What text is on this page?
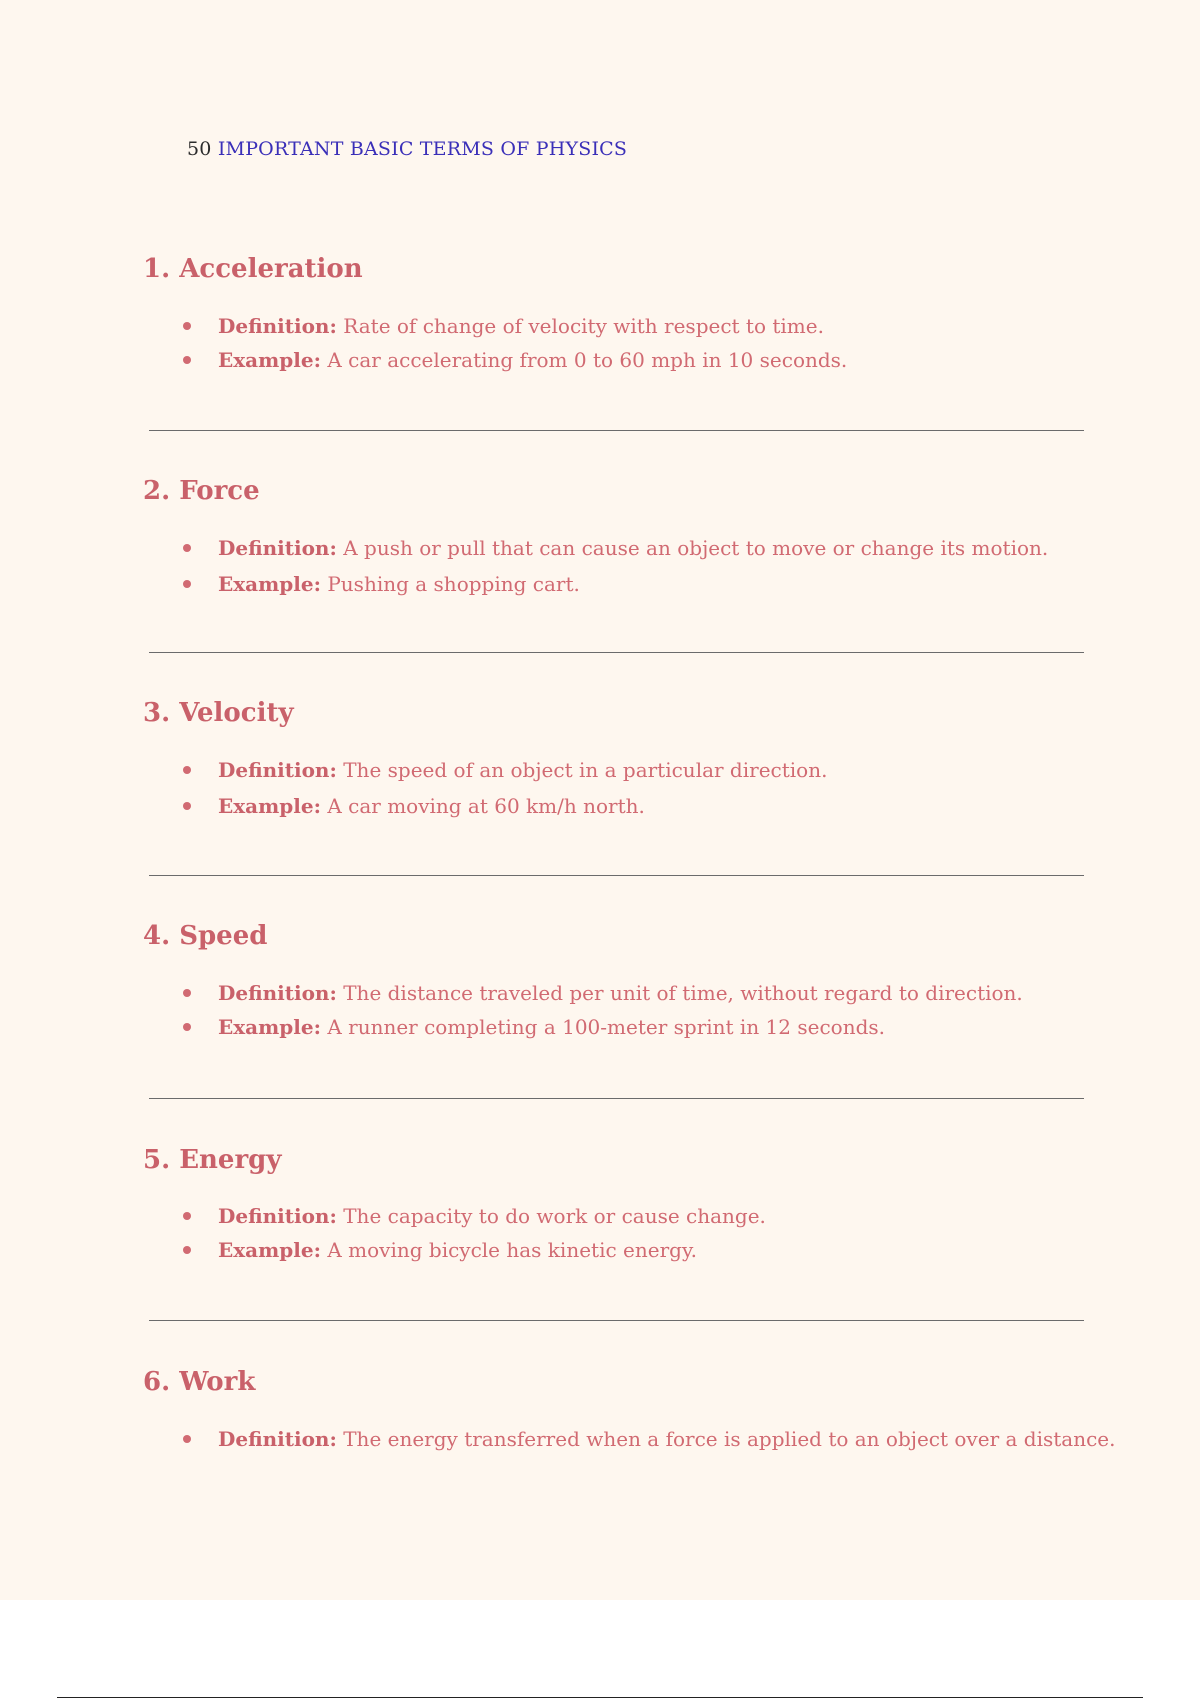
50 IMPORTANT BASIC TERMS OF PHYSICS
1. Acceleration
Definition: Rate of change of velocity with respect to time.
Example: A car accelerating from 0 to 60 mph in 10 seconds.
2. Force
Definition: A push or pull that can cause an object to move or change its motion.
Example: Pushing a shopping cart.
3. Velocity
Definition: The speed of an object in a particular direction.
Example: A car moving at 60 km/h north.
4. Speed
Definition: The distance traveled per unit of time, without regard to direction.
Example: A runner completing a 100-meter sprint in 12 seconds.
5. Energy
Definition: The capacity to do work or cause change.
Example: A moving bicycle has kinetic energy.
6. Work
Definition: The energy transferred when a force is applied to an object over a distance.
